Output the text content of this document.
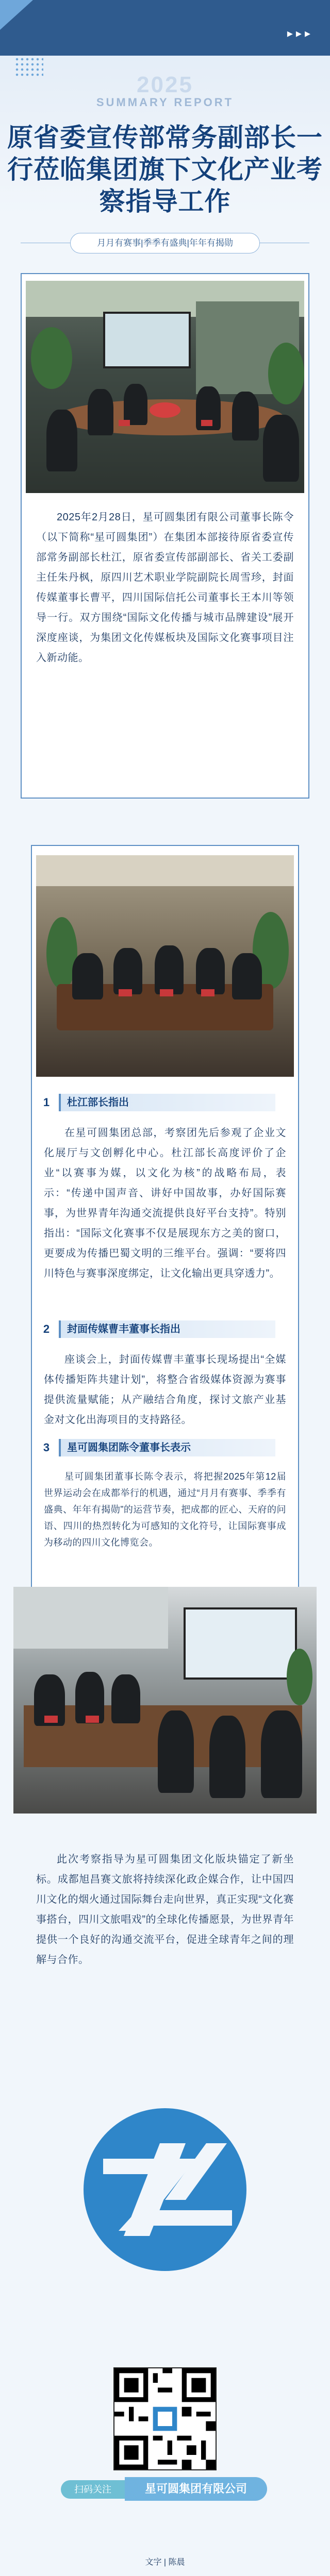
▸▸▸
2025
SUMMARY REPORT
原省委宣传部常务副部长一
行莅临集团旗下文化产业考
察指导工作
月月有赛事|季季有盛典|年年有揭勋
2025年2月28日，星可圆集团有限公司董事长陈令（以下简称“星可圆集团”）在集团本部接待原省委宣传部常务副部长杜江，原省委宣传部副部长、省关工委副主任朱丹枫，原四川艺术职业学院副院长周雪珍，封面传媒董事长曹平，四川国际信托公司董事长王本川等领导一行。双方围绕“国际文化传播与城市品牌建设”展开深度座谈，为集团文化传媒板块及国际文化赛事项目注入新动能。
1	杜江部长指出
在星可圆集团总部，考察团先后参观了企业文化展厅与文创孵化中心。杜江部长高度评价了企业“以赛事为媒，以文化为核”的战略布局，表示：“传递中国声音、讲好中国故事，办好国际赛事，为世界青年沟通交流提供良好平台支持”。特别指出：“国际文化赛事不仅是展现东方之美的窗口，更要成为传播巴蜀文明的三维平台。强调：“要将四川特色与赛事深度绑定，让文化输出更具穿透力”。
2	封面传媒曹丰董事长指出
座谈会上，封面传媒曹丰董事长现场提出“全媒体传播矩阵共建计划”，将整合省级媒体资源为赛事提供流量赋能；从产融结合角度，探讨文旅产业基金对文化出海项目的支持路径。
3	星可圆集团陈令董事长表示
星可圆集团董事长陈令表示，将把握2025年第12届世界运动会在成都举行的机遇，通过“月月有赛事、季季有盛典、年年有揭勋”的运营节奏，把成都的匠心、天府的问语、四川的热烈转化为可感知的文化符号，让国际赛事成为移动的四川文化博览会。
此次考察指导为星可圆集团文化版块锚定了新坐标。成都旭昌赛文旅将持续深化政企媒合作，让中国四川文化的烟火通过国际舞台走向世界，真正实现“文化赛事搭台，四川文旅唱戏”的全球化传播愿景，为世界青年提供一个良好的沟通交流平台，促进全球青年之间的理解与合作。
扫码关注	星可圆集团有限公司
文字 | 陈晨
